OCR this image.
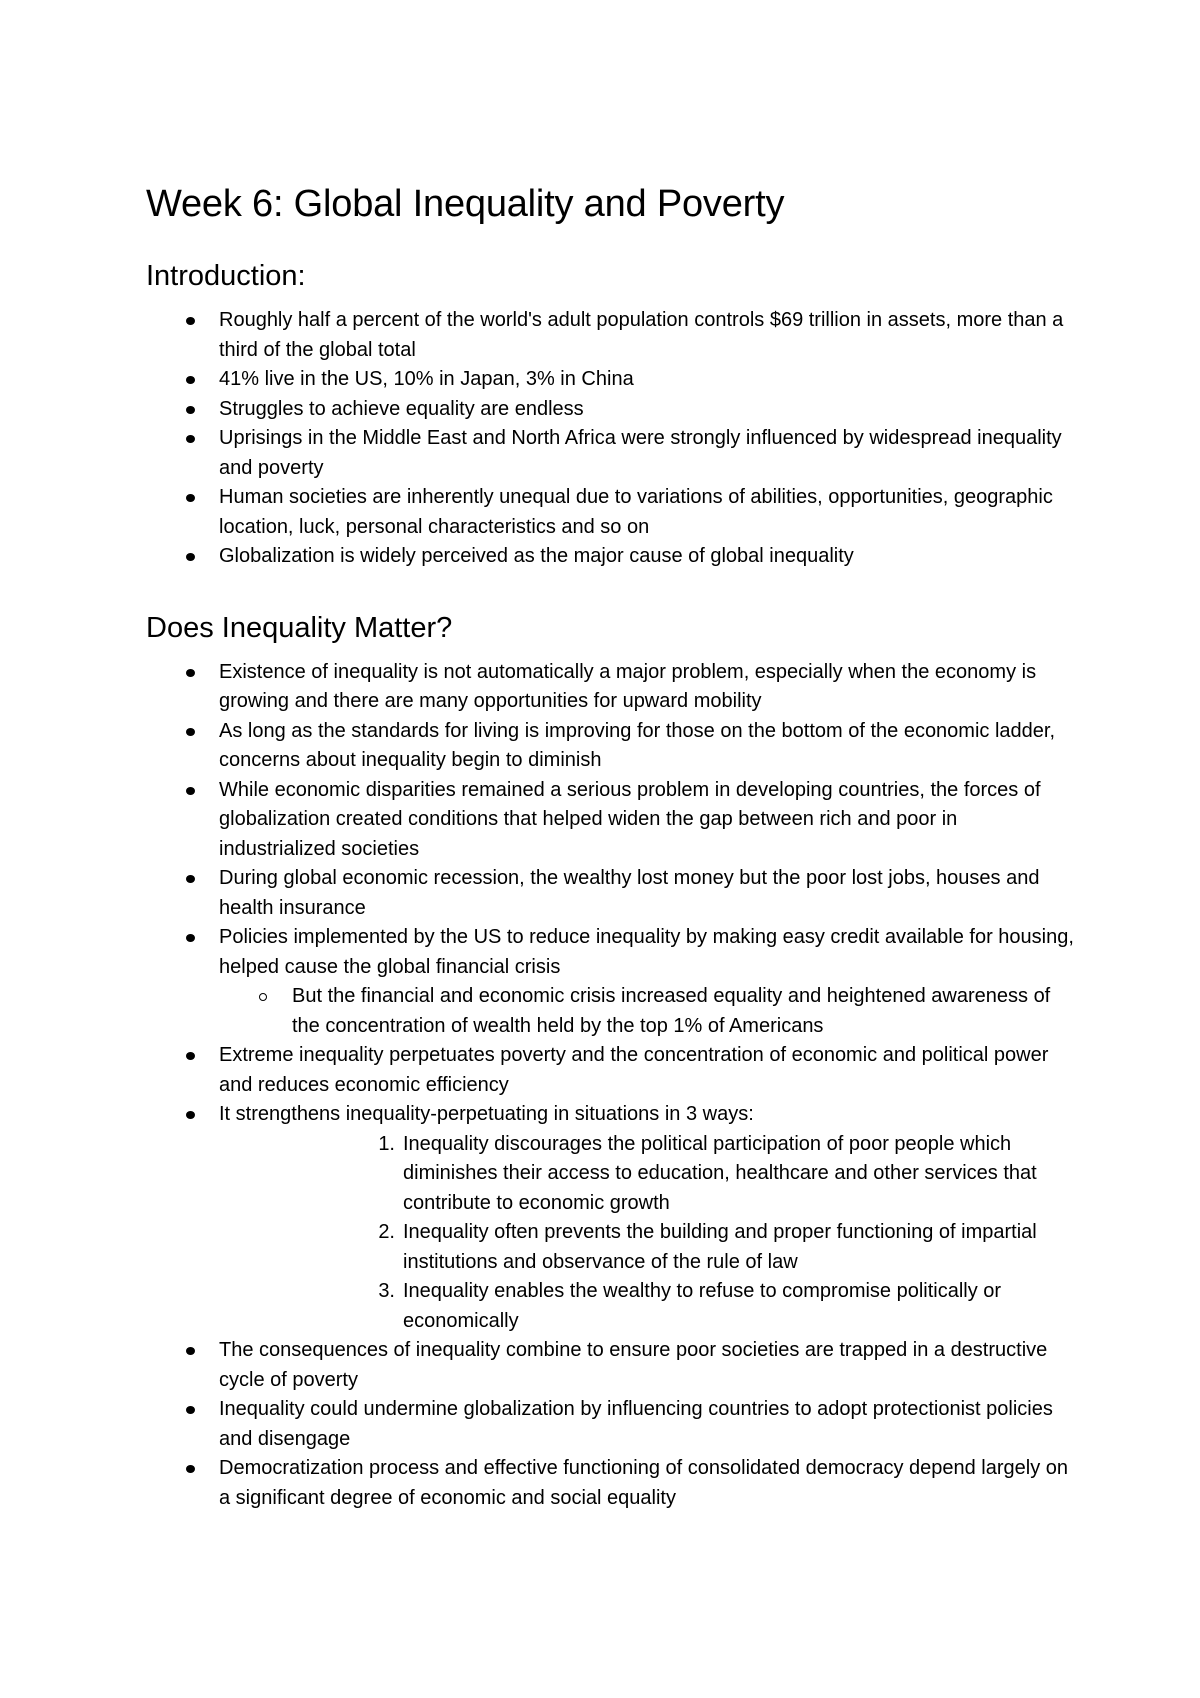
Week 6: Global Inequality and Poverty
Introduction:
Roughly half a percent of the world's adult population controls $69 trillion in assets, more than a third of the global total
41% live in the US, 10% in Japan, 3% in China
Struggles to achieve equality are endless
Uprisings in the Middle East and North Africa were strongly influenced by widespread inequality and poverty
Human societies are inherently unequal due to variations of abilities, opportunities, geographic location, luck, personal characteristics and so on
Globalization is widely perceived as the major cause of global inequality
Does Inequality Matter?
Existence of inequality is not automatically a major problem, especially when the economy is growing and there are many opportunities for upward mobility
As long as the standards for living is improving for those on the bottom of the economic ladder, concerns about inequality begin to diminish
While economic disparities remained a serious problem in developing countries, the forces of globalization created conditions that helped widen the gap between rich and poor in industrialized societies
During global economic recession, the wealthy lost money but the poor lost jobs, houses and health insurance
Policies implemented by the US to reduce inequality by making easy credit available for housing, helped cause the global financial crisis
But the financial and economic crisis increased equality and heightened awareness of the concentration of wealth held by the top 1% of Americans
Extreme inequality perpetuates poverty and the concentration of economic and political power and reduces economic efficiency
It strengthens inequality-perpetuating in situations in 3 ways:
1. Inequality discourages the political participation of poor people which diminishes their access to education, healthcare and other services that contribute to economic growth
2. Inequality often prevents the building and proper functioning of impartial institutions and observance of the rule of law
3. Inequality enables the wealthy to refuse to compromise politically or economically
The consequences of inequality combine to ensure poor societies are trapped in a destructive cycle of poverty
Inequality could undermine globalization by influencing countries to adopt protectionist policies and disengage
Democratization process and effective functioning of consolidated democracy depend largely on a significant degree of economic and social equality
